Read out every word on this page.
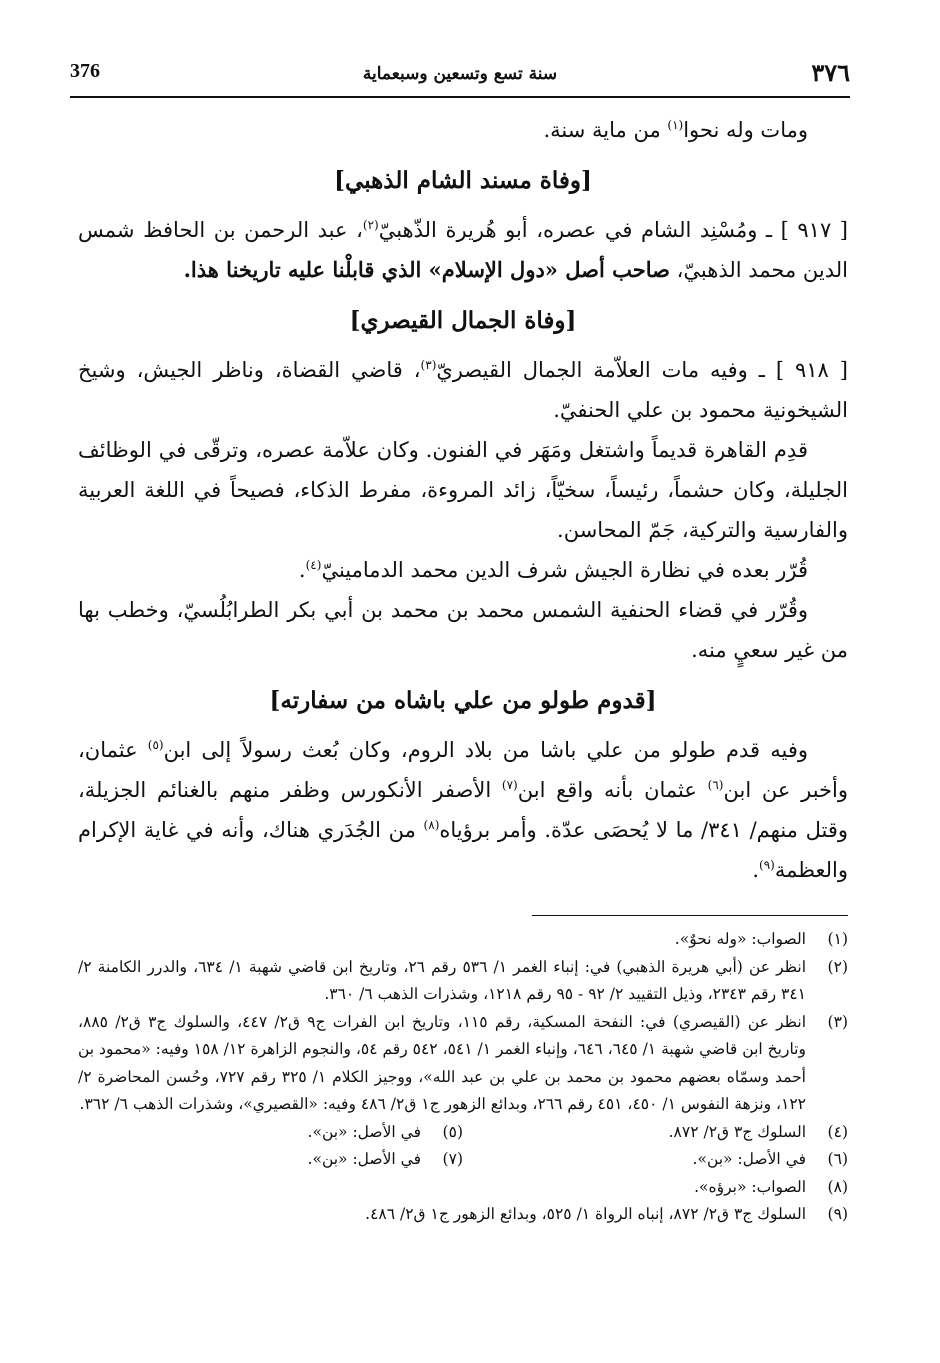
٣٧٦
سنة تسع وتسعين وسبعماية
376

ومات وله نحوا$^{(١)}$ من ماية سنة.

[وفاة مسند الشام الذهبي]

[ ٩١٧ ] ـ ومُسْنِد الشام في عصره، أبو هُريرة الذّهبيّ$^{(٢)}$، عبد الرحمن بن الحافظ شمس الدين محمد الذهبيّ، صاحب أصل «دول الإسلام» الذي قابلْنا عليه تاريخنا هذا.

[وفاة الجمال القيصري]

[ ٩١٨ ] ـ وفيه مات العلاّمة الجمال القيصريّ$^{(٣)}$، قاضي القضاة، وناظر الجيش، وشيخ الشيخونية محمود بن علي الحنفيّ.

قدِم القاهرة قديماً واشتغل ومَهَر في الفنون. وكان علاّمة عصره، وترقّى في الوظائف الجليلة، وكان حشماً، رئيساً، سخيّاً، زائد المروءة، مفرط الذكاء، فصيحاً في اللغة العربية والفارسية والتركية، جَمّ المحاسن.

قُرّر بعده في نظارة الجيش شرف الدين محمد الدمامينيّ$^{(٤)}$.

وقُرّر في قضاء الحنفية الشمس محمد بن محمد بن أبي بكر الطرابُلُسيّ، وخطب بها من غير سعيٍ منه.

[قدوم طولو من علي باشاه من سفارته]

وفيه قدم طولو من علي باشا من بلاد الروم، وكان بُعث رسولاً إلى ابن$^{(٥)}$ عثمان، وأخبر عن ابن$^{(٦)}$ عثمان بأنه واقع ابن$^{(٧)}$ الأصفر الأنكورس وظفر منهم بالغنائم الجزيلة، وقتل منهم/ ٣٤١/ ما لا يُحصَى عدّة. وأمر برؤياه$^{(٨)}$ من الجُدَري هناك، وأنه في غاية الإكرام والعظمة$^{(٩)}$.

(١)
الصواب: «وله نحوٌ».

(٢)
انظر عن (أبي هريرة الذهبي) في: إنباء الغمر ١/ ٥٣٦ رقم ٢٦، وتاريخ ابن قاضي شهبة ١/ ٦٣٤، والدرر الكامنة ٢/ ٣٤١ رقم ٢٣٤٣، وذيل التقييد ٢/ ٩٢ - ٩٥ رقم ١٢١٨، وشذرات الذهب ٦/ ٣٦٠.

(٣)
انظر عن (القيصري) في: النفحة المسكية، رقم ١١٥، وتاريخ ابن الفرات ج٩ ق٢/ ٤٤٧، والسلوك ج٣ ق٢/ ٨٨٥، وتاريخ ابن قاضي شهبة ١/ ٦٤٥، ٦٤٦، وإنباء الغمر ١/ ٥٤١، ٥٤٢ رقم ٥٤، والنجوم الزاهرة ١٢/ ١٥٨ وفيه: «محمود بن أحمد وسمّاه بعضهم محمود بن محمد بن علي بن عبد الله»، ووجيز الكلام ١/ ٣٢٥ رقم ٧٢٧، وحُسن المحاضرة ٢/ ١٢٢، ونزهة النفوس ١/ ٤٥٠، ٤٥١ رقم ٢٦٦، وبدائع الزهور ج١ ق٢/ ٤٨٦ وفيه: «القصيري»، وشذرات الذهب ٦/ ٣٦٢.

(٤)
السلوك ج٣ ق٢/ ٨٧٢.
(٥)
في الأصل: «بن».
(٦)
في الأصل: «بن».
(٧)
في الأصل: «بن».

(٨)
الصواب: «برؤه».

(٩)
السلوك ج٣ ق٢/ ٨٧٢، إنباه الرواة ١/ ٥٢٥، وبدائع الزهور ج١ ق٢/ ٤٨٦.
